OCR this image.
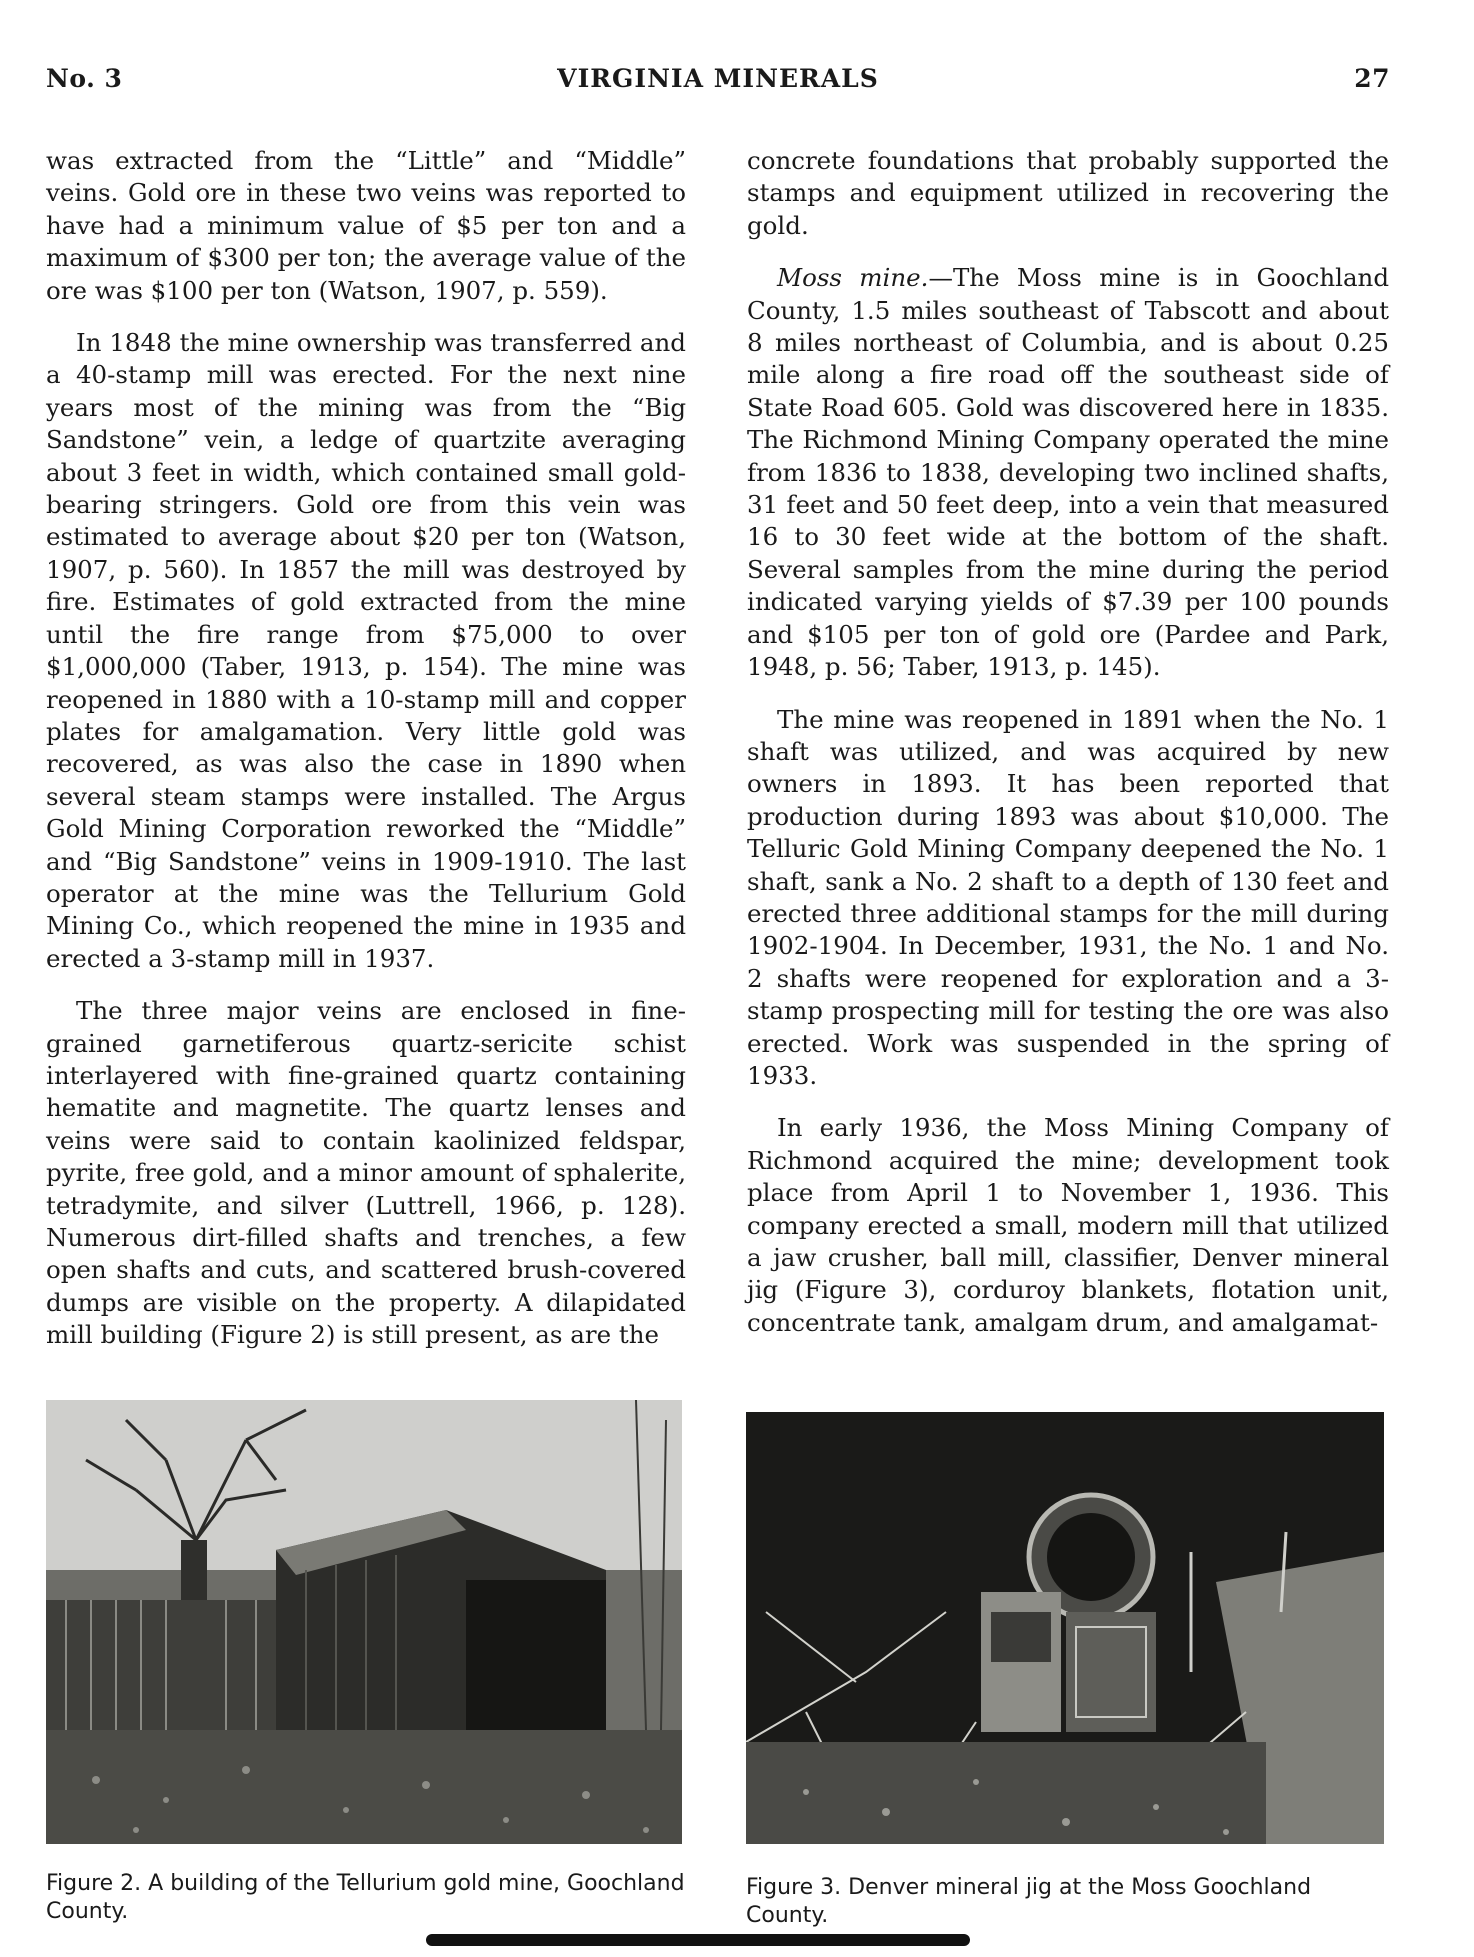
No. 3	VIRGINIA MINERALS	27

was extracted from the “Little” and “Middle” veins. Gold ore in these two veins was reported to have had a minimum value of $5 per ton and a maximum of $300 per ton; the average value of the ore was $100 per ton (Watson, 1907, p. 559).

In 1848 the mine ownership was transferred and a 40-stamp mill was erected. For the next nine years most of the mining was from the “Big Sandstone” vein, a ledge of quartzite averaging about 3 feet in width, which contained small gold-bearing stringers. Gold ore from this vein was estimated to average about $20 per ton (Watson, 1907, p. 560). In 1857 the mill was destroyed by fire. Estimates of gold extracted from the mine until the fire range from $75,000 to over $1,000,000 (Taber, 1913, p. 154). The mine was reopened in 1880 with a 10-stamp mill and copper plates for amalgamation. Very little gold was recovered, as was also the case in 1890 when several steam stamps were installed. The Argus Gold Mining Corporation reworked the “Middle” and “Big Sandstone” veins in 1909-1910. The last operator at the mine was the Tellurium Gold Mining Co., which reopened the mine in 1935 and erected a 3-stamp mill in 1937.

The three major veins are enclosed in fine-grained garnetiferous quartz-sericite schist interlayered with fine-grained quartz containing hematite and magnetite. The quartz lenses and veins were said to contain kaolinized feldspar, pyrite, free gold, and a minor amount of sphalerite, tetradymite, and silver (Luttrell, 1966, p. 128). Numerous dirt-filled shafts and trenches, a few open shafts and cuts, and scattered brush-covered dumps are visible on the property. A dilapidated mill building (Figure 2) is still present, as are the

concrete foundations that probably supported the stamps and equipment utilized in recovering the gold.

Moss mine.—The Moss mine is in Goochland County, 1.5 miles southeast of Tabscott and about 8 miles northeast of Columbia, and is about 0.25 mile along a fire road off the southeast side of State Road 605. Gold was discovered here in 1835. The Richmond Mining Company operated the mine from 1836 to 1838, developing two inclined shafts, 31 feet and 50 feet deep, into a vein that measured 16 to 30 feet wide at the bottom of the shaft. Several samples from the mine during the period indicated varying yields of $7.39 per 100 pounds and $105 per ton of gold ore (Pardee and Park, 1948, p. 56; Taber, 1913, p. 145).

The mine was reopened in 1891 when the No. 1 shaft was utilized, and was acquired by new owners in 1893. It has been reported that production during 1893 was about $10,000. The Telluric Gold Mining Company deepened the No. 1 shaft, sank a No. 2 shaft to a depth of 130 feet and erected three additional stamps for the mill during 1902-1904. In December, 1931, the No. 1 and No. 2 shafts were reopened for exploration and a 3-stamp prospecting mill for testing the ore was also erected. Work was suspended in the spring of 1933.

In early 1936, the Moss Mining Company of Richmond acquired the mine; development took place from April 1 to November 1, 1936. This company erected a small, modern mill that utilized a jaw crusher, ball mill, classifier, Denver mineral jig (Figure 3), corduroy blankets, flotation unit, concentrate tank, amalgam drum, and amalgamat-

Figure 2. A building of the Tellurium gold mine, Goochland County.
Figure 3. Denver mineral jig at the Moss Goochland County.
